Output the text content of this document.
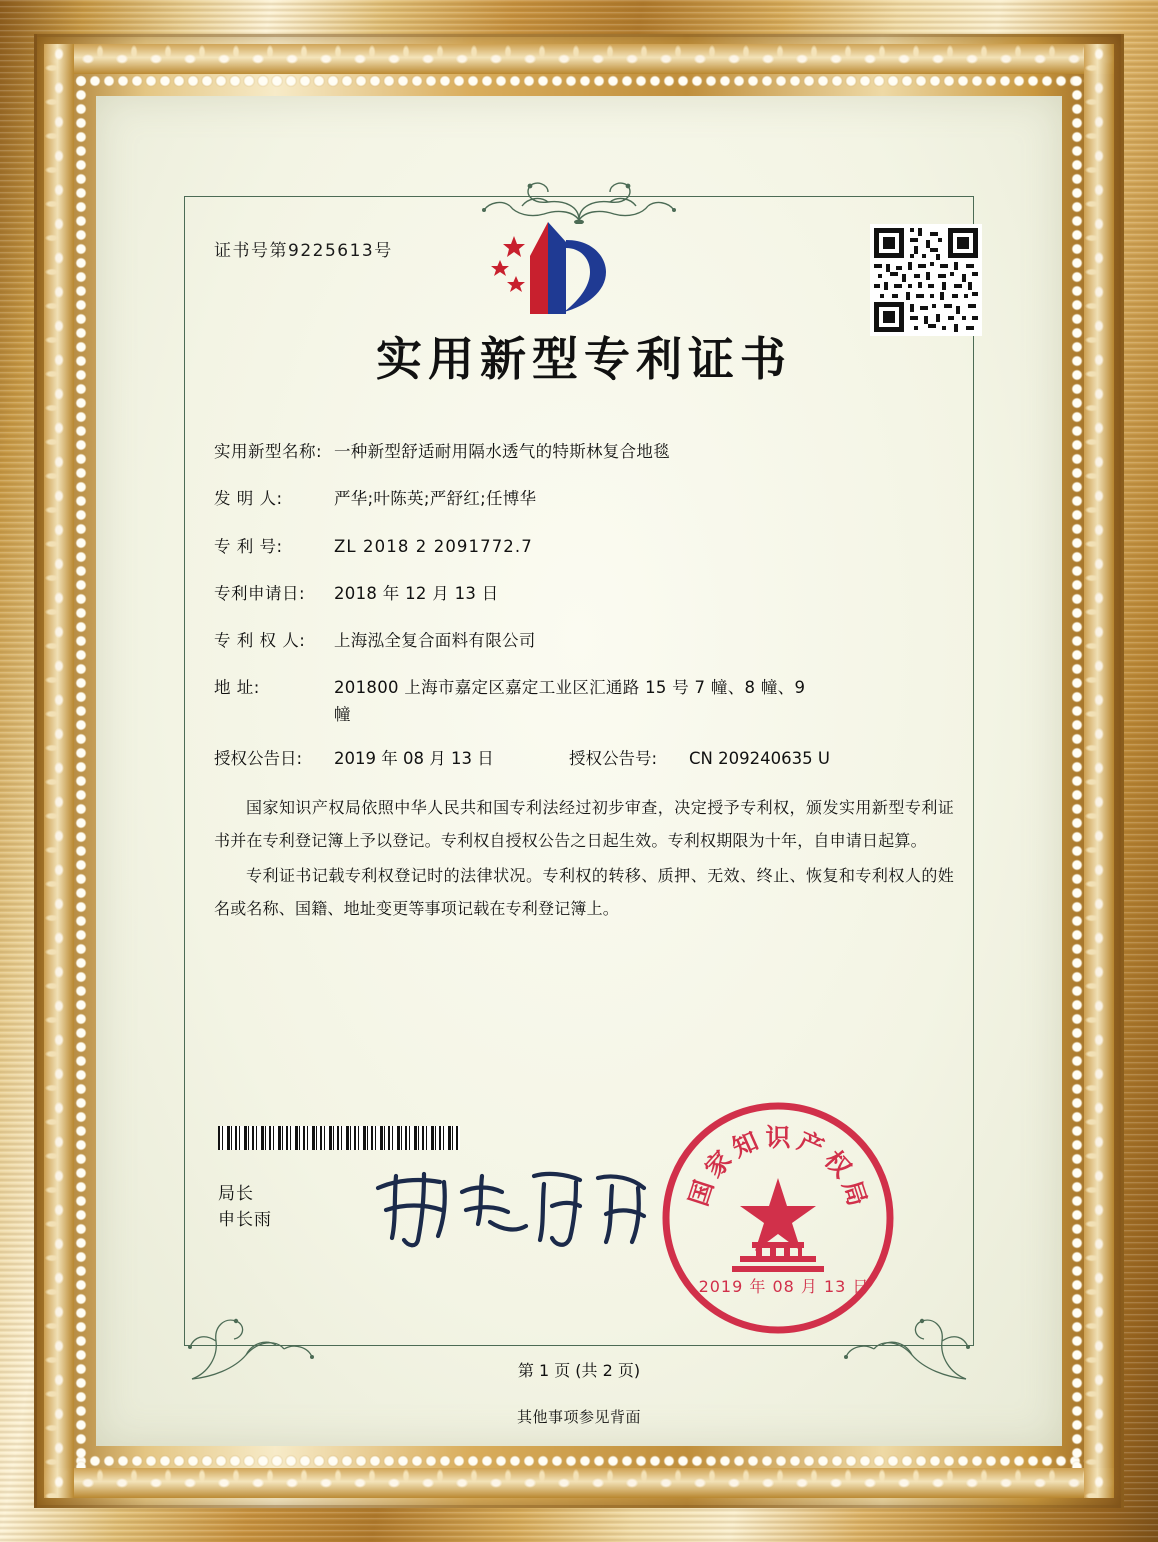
证书号第9225613号
实用新型专利证书
实用新型名称: 一种新型舒适耐用隔水透气的特斯林复合地毯
发 明 人:	严华;叶陈英;严舒红;任博华
专 利 号:	ZL 2018 2 2091772.7
专利申请日:	2018 年 12 月 13 日
专 利 权 人:	上海泓全复合面料有限公司
地 址:	201800 上海市嘉定区嘉定工业区汇通路 15 号 7 幢、8 幢、9
幢
授权公告日:	2019 年 08 月 13 日	授权公告号:	CN 209240635 U

国家知识产权局依照中华人民共和国专利法经过初步审查，决定授予专利权，颁发实用新型专利证书并在专利登记簿上予以登记。专利权自授权公告之日起生效。专利权期限为十年，自申请日起算。

专利证书记载专利权登记时的法律状况。专利权的转移、质押、无效、终止、恢复和专利权人的姓名或名称、国籍、地址变更等事项记载在专利登记簿上。

局长
申长雨
国
家
知 识 产
权
局
2019 年 08 月 13 日
第 1 页 (共 2 页)
其他事项参见背面
